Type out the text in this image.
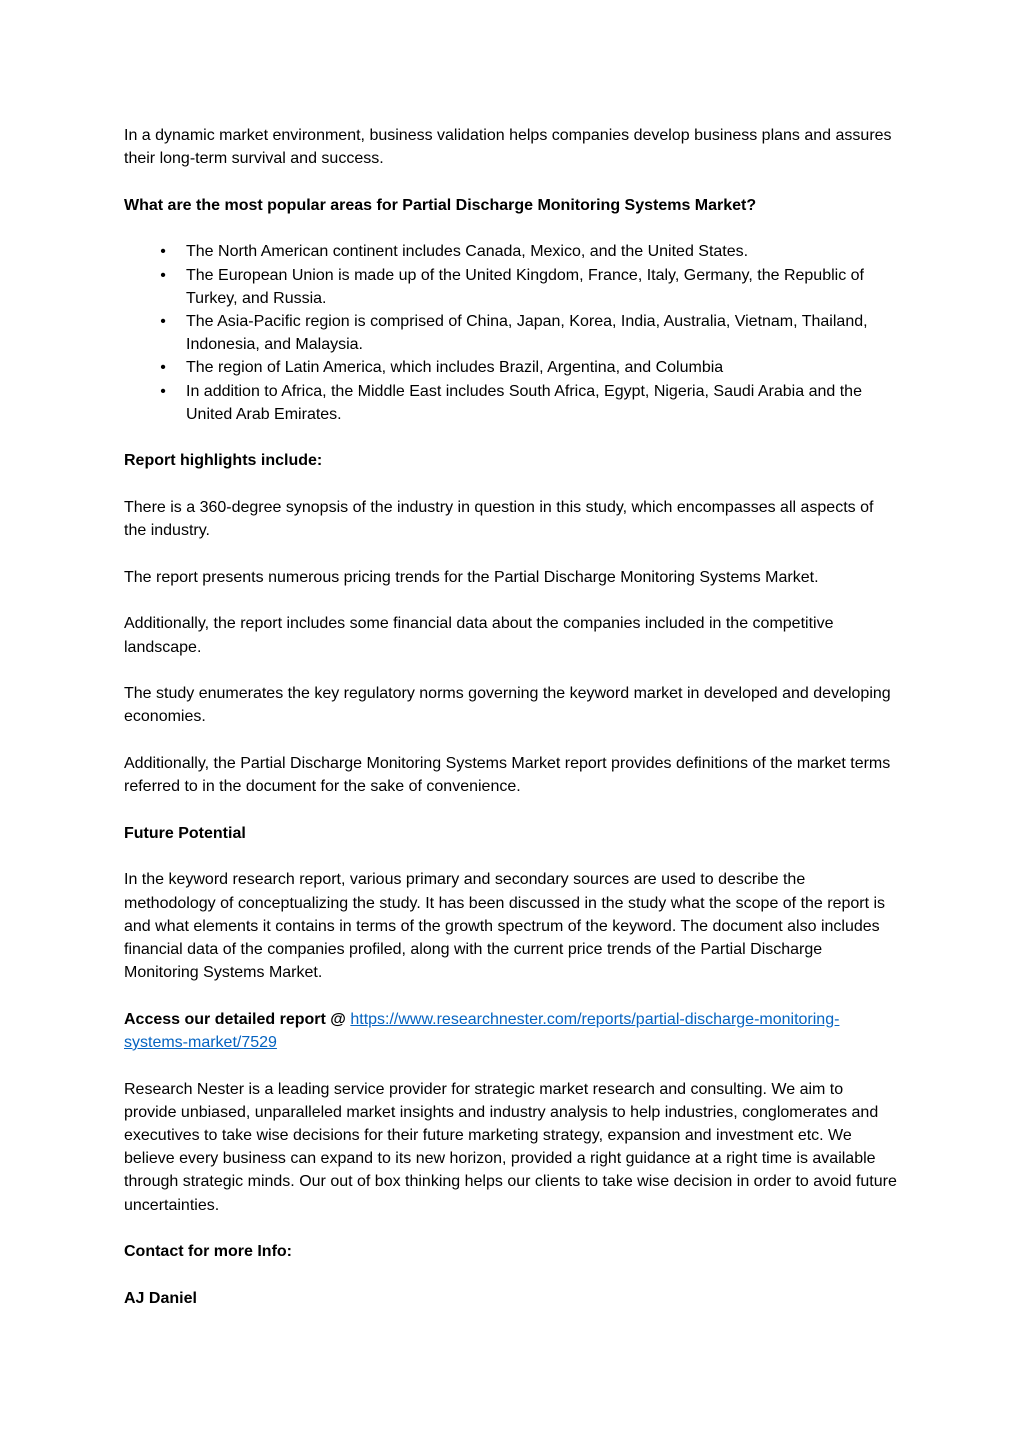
In a dynamic market environment, business validation helps companies develop business plans and assures their long-term survival and success.

What are the most popular areas for Partial Discharge Monitoring Systems Market?

• The North American continent includes Canada, Mexico, and the United States.
• The European Union is made up of the United Kingdom, France, Italy, Germany, the Republic of Turkey, and Russia.
• The Asia-Pacific region is comprised of China, Japan, Korea, India, Australia, Vietnam, Thailand, Indonesia, and Malaysia.
• The region of Latin America, which includes Brazil, Argentina, and Columbia
• In addition to Africa, the Middle East includes South Africa, Egypt, Nigeria, Saudi Arabia and the United Arab Emirates.

Report highlights include:

There is a 360-degree synopsis of the industry in question in this study, which encompasses all aspects of the industry.

The report presents numerous pricing trends for the Partial Discharge Monitoring Systems Market.

Additionally, the report includes some financial data about the companies included in the competitive landscape.

The study enumerates the key regulatory norms governing the keyword market in developed and developing economies.

Additionally, the Partial Discharge Monitoring Systems Market report provides definitions of the market terms referred to in the document for the sake of convenience.

Future Potential

In the keyword research report, various primary and secondary sources are used to describe the methodology of conceptualizing the study. It has been discussed in the study what the scope of the report is and what elements it contains in terms of the growth spectrum of the keyword. The document also includes financial data of the companies profiled, along with the current price trends of the Partial Discharge Monitoring Systems Market.

Access our detailed report @ https://www.researchnester.com/reports/partial-discharge-monitoring-systems-market/7529

Research Nester is a leading service provider for strategic market research and consulting. We aim to provide unbiased, unparalleled market insights and industry analysis to help industries, conglomerates and executives to take wise decisions for their future marketing strategy, expansion and investment etc. We believe every business can expand to its new horizon, provided a right guidance at a right time is available through strategic minds. Our out of box thinking helps our clients to take wise decision in order to avoid future uncertainties.

Contact for more Info:

AJ Daniel
